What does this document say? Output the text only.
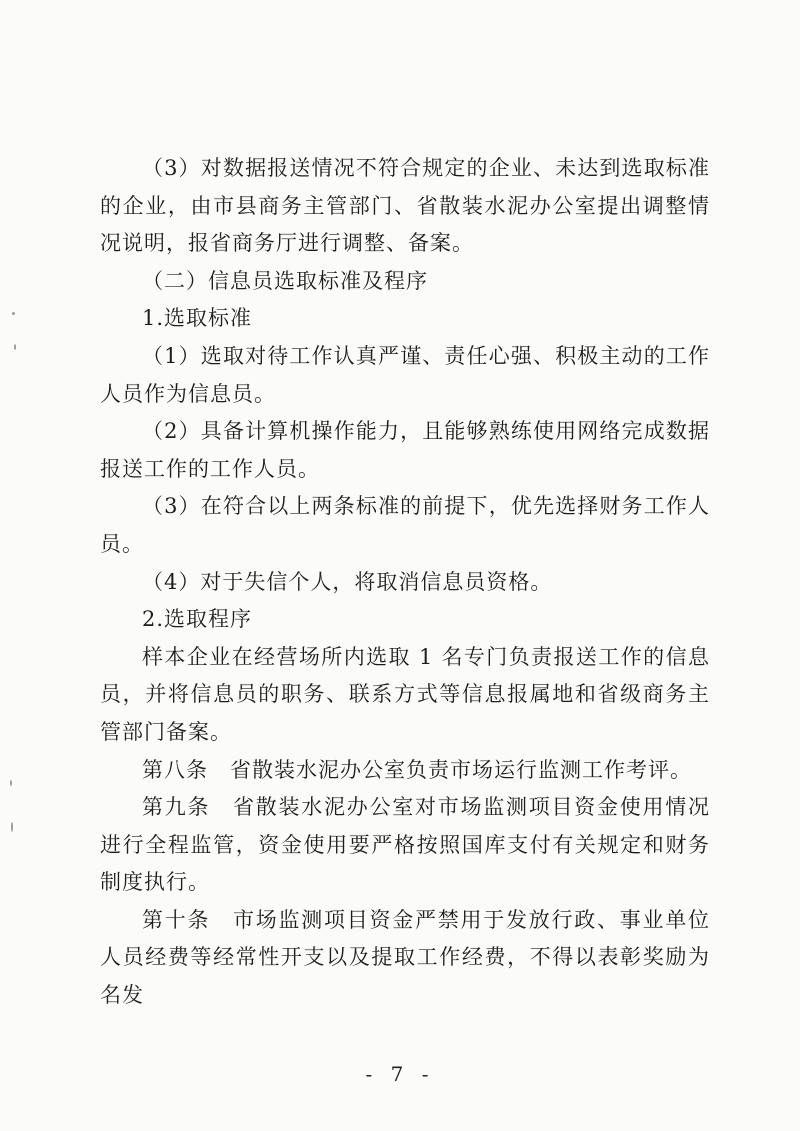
（3）对数据报送情况不符合规定的企业、未达到选取标准的企业，由市县商务主管部门、省散装水泥办公室提出调整情况说明，报省商务厅进行调整、备案。

（二）信息员选取标准及程序

1.选取标准

（1）选取对待工作认真严谨、责任心强、积极主动的工作人员作为信息员。

（2）具备计算机操作能力，且能够熟练使用网络完成数据报送工作的工作人员。

（3）在符合以上两条标准的前提下，优先选择财务工作人员。

（4）对于失信个人，将取消信息员资格。

2.选取程序

样本企业在经营场所内选取 1 名专门负责报送工作的信息员，并将信息员的职务、联系方式等信息报属地和省级商务主管部门备案。

第八条　省散装水泥办公室负责市场运行监测工作考评。

第九条　省散装水泥办公室对市场监测项目资金使用情况进行全程监管，资金使用要严格按照国库支付有关规定和财务制度执行。

第十条　市场监测项目资金严禁用于发放行政、事业单位人员经费等经常性开支以及提取工作经费，不得以表彰奖励为名发

- 7 -
